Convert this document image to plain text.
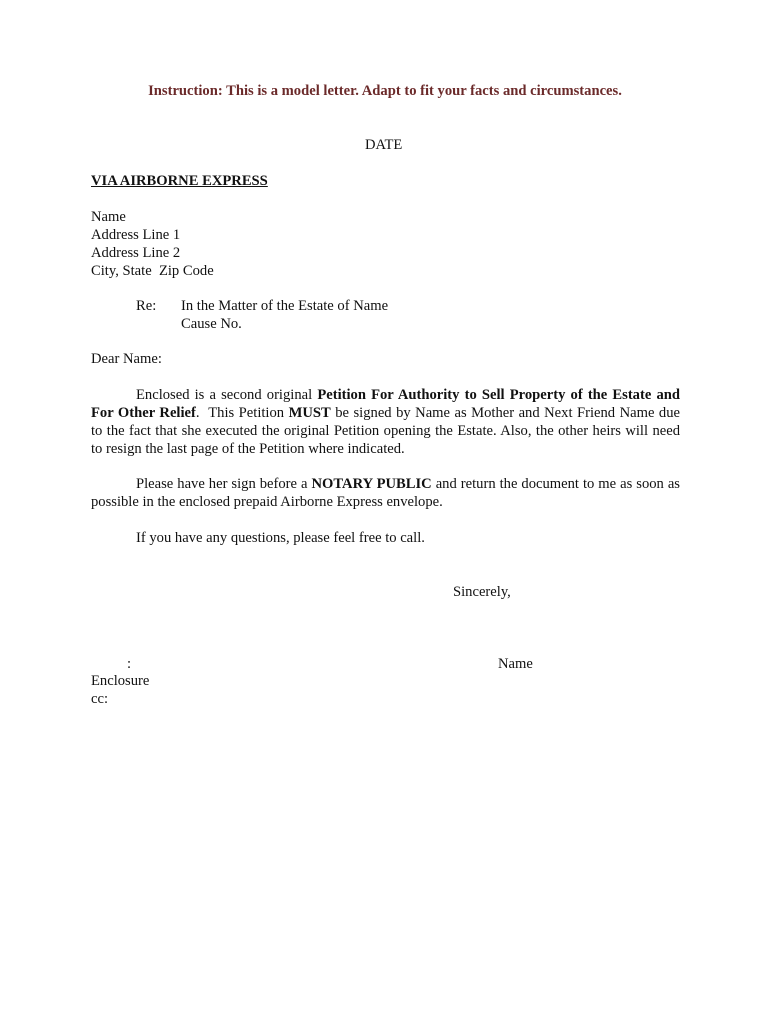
Instruction: This is a model letter. Adapt to fit your facts and circumstances.
DATE
VIA AIRBORNE EXPRESS
Name
Address Line 1
Address Line 2
City, State  Zip Code
Re: In the Matter of the Estate of Name
Cause No.
Dear Name:
Enclosed is a second original Petition For Authority to Sell Property of the Estate and
For Other Relief.  This Petition MUST be signed by Name as Mother and Next Friend Name due
to the fact that she executed the original Petition opening the Estate. Also, the other heirs will need
to resign the last page of the Petition where indicated.
Please have her sign before a NOTARY PUBLIC and return the document to me as soon as
possible in the enclosed prepaid Airborne Express envelope.
If you have any questions, please feel free to call.
Sincerely,
:	Name
Enclosure
cc:
